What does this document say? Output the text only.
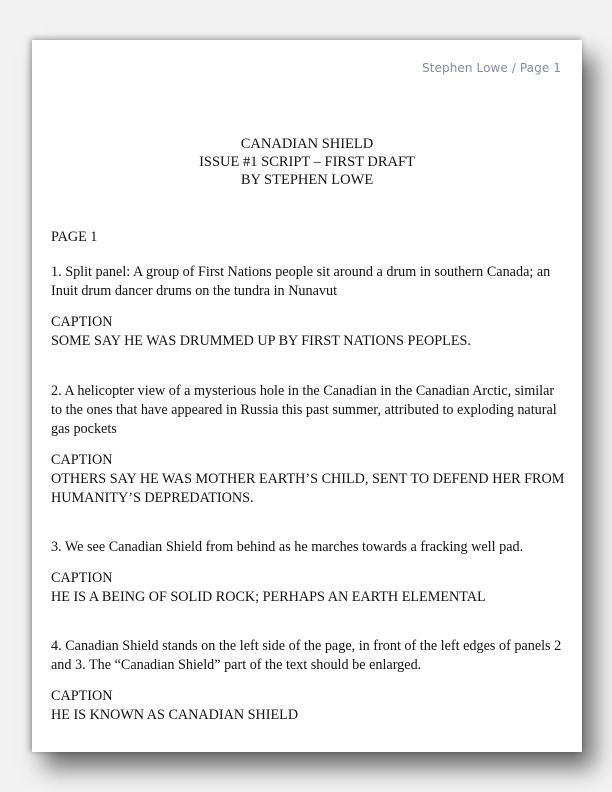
Stephen Lowe / Page 1
CANADIAN SHIELD
ISSUE #1 SCRIPT – FIRST DRAFT
BY STEPHEN LOWE

PAGE 1

1. Split panel: A group of First Nations people sit around a drum in southern Canada; an Inuit drum dancer drums on the tundra in Nunavut

CAPTION

SOME SAY HE WAS DRUMMED UP BY FIRST NATIONS PEOPLES.

2. A helicopter view of a mysterious hole in the Canadian in the Canadian Arctic, similar to the ones that have appeared in Russia this past summer, attributed to exploding natural gas pockets

CAPTION

OTHERS SAY HE WAS MOTHER EARTH’S CHILD, SENT TO DEFEND HER FROM HUMANITY’S DEPREDATIONS.

3. We see Canadian Shield from behind as he marches towards a fracking well pad.

CAPTION

HE IS A BEING OF SOLID ROCK; PERHAPS AN EARTH ELEMENTAL

4. Canadian Shield stands on the left side of the page, in front of the left edges of panels 2 and 3. The “Canadian Shield” part of the text should be enlarged.

CAPTION

HE IS KNOWN AS CANADIAN SHIELD
